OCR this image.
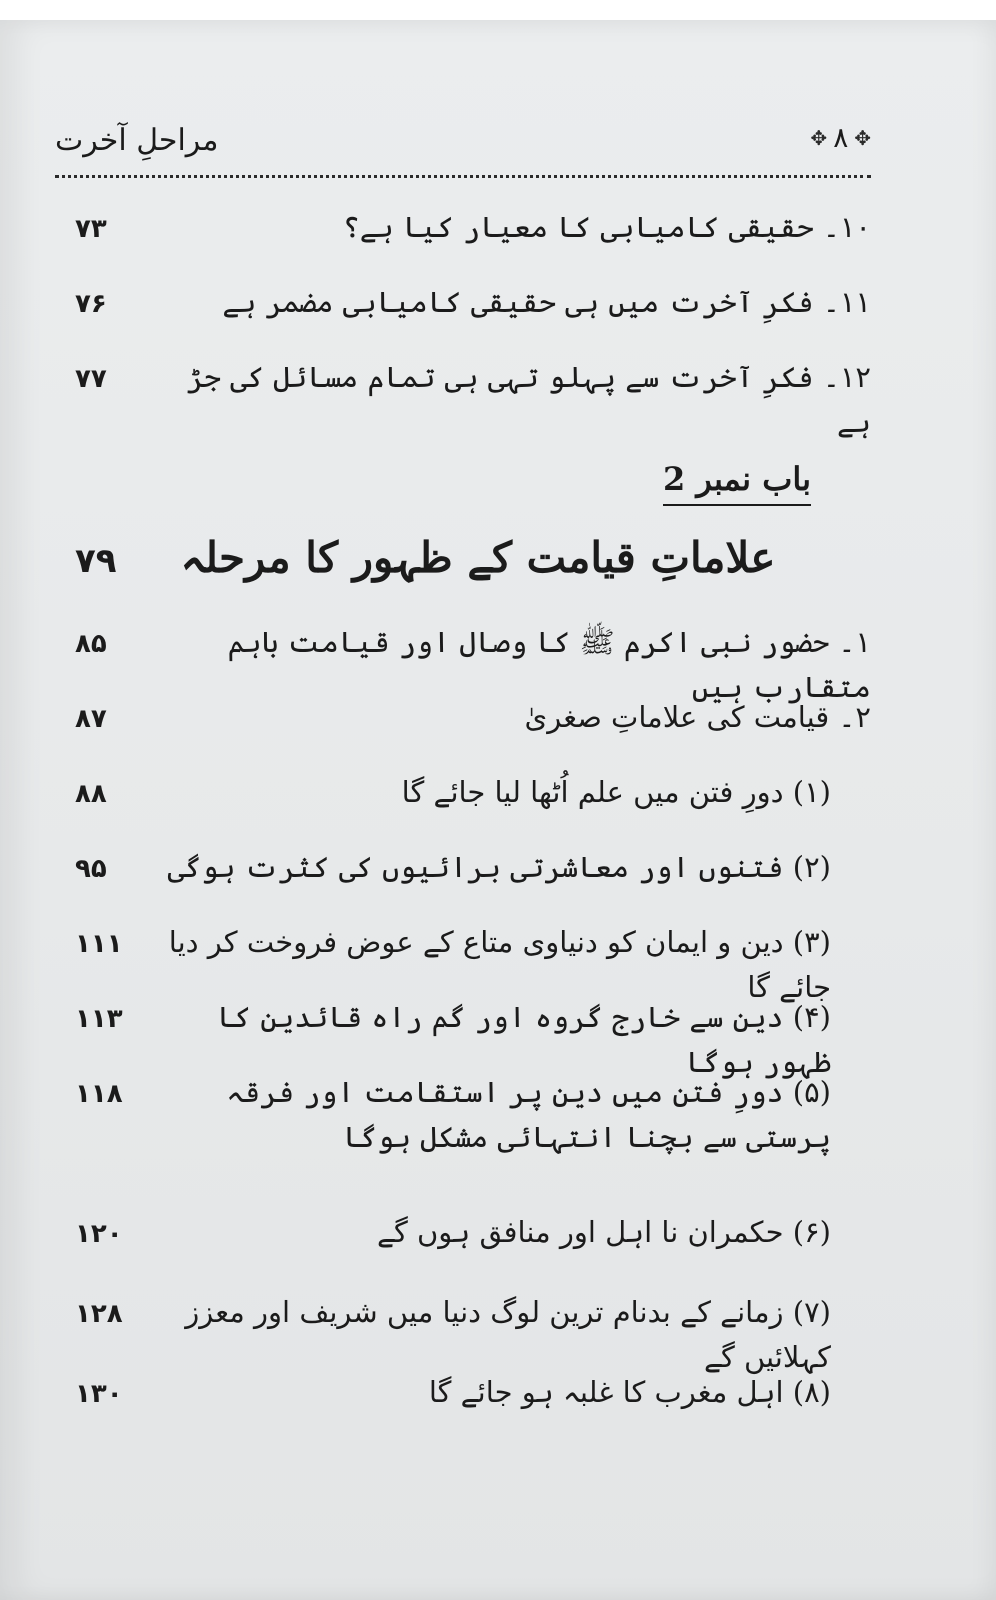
مراحلِ آخرت	✥
۸
✥
۷۳	۱۰۔ حقیقی کامیابی کا معیار کیا ہے؟
۷۶	۱۱۔ فکرِ آخرت میں ہی حقیقی کامیابی مضمر ہے
۷۷	۱۲۔ فکرِ آخرت سے پہلو تہی ہی تمام مسائل کی جڑ ہے
باب نمبر 2
۷۹	علاماتِ قیامت کے ظہور کا مرحلہ
۸۵	۱۔ حضور نبی اکرم ﷺ کا وصال اور قیامت باہم متقارب ہیں
۸۷	۲۔ قیامت کی علاماتِ صغریٰ
۸۸	(۱) دورِ فتن میں علم اُٹھا لیا جائے گا
۹۵	(۲) فتنوں اور معاشرتی برائیوں کی کثرت ہوگی
۱۱۱	(۳) دین و ایمان کو دنیاوی متاع کے عوض فروخت کر دیا جائے گا
۱۱۳	(۴) دین سے خارج گروہ اور گم راہ قائدین کا ظہور ہوگا
۱۱۸	(۵) دورِ فتن میں دین پر استقامت اور فرقہ پرستی سے بچنا انتہائی مشکل ہوگا
۱۲۰	(۶) حکمران نا اہل اور منافق ہوں گے
۱۲۸	(۷) زمانے کے بدنام ترین لوگ دنیا میں شریف اور معزز کہلائیں گے
۱۳۰	(۸) اہل مغرب کا غلبہ ہو جائے گا
